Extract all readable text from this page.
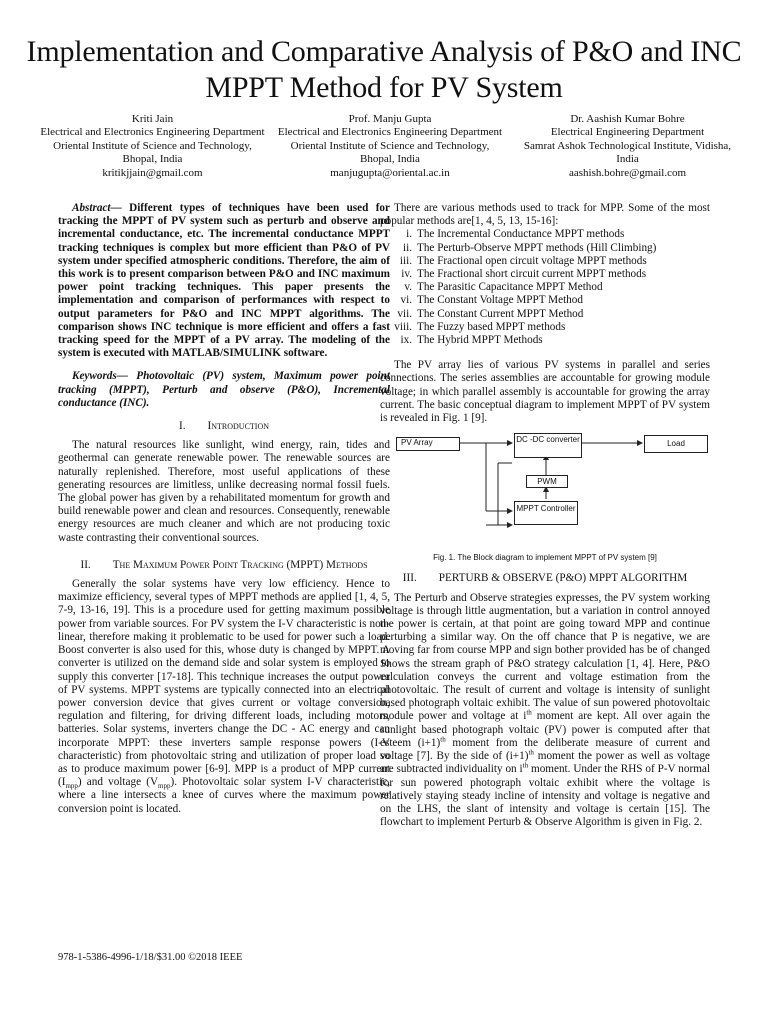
Implementation and Comparative Analysis of P&O and INC MPPT Method for PV System
Kriti Jain
Electrical and Electronics Engineering Department
Oriental Institute of Science and Technology, Bhopal, India
kritikjjain@gmail.com
Prof. Manju Gupta
Electrical and Electronics Engineering Department
Oriental Institute of Science and Technology, Bhopal, India
manjugupta@oriental.ac.in
Dr. Aashish Kumar Bohre
Electrical Engineering Department
Samrat Ashok Technological Institute, Vidisha, India
aashish.bohre@gmail.com

Abstract— Different types of techniques have been used for tracking the MPPT of PV system such as perturb and observe and incremental conductance, etc. The incremental conductance MPPT tracking techniques is complex but more efficient than P&O of PV system under specified atmospheric conditions. Therefore, the aim of this work is to present comparison between P&O and INC maximum power point tracking techniques. This paper presents the implementation and comparison of performances with respect to output parameters for P&O and INC MPPT algorithms. The comparison shows INC technique is more efficient and offers a fast tracking speed for the MPPT of a PV array. The modeling of the system is executed with MATLAB/SIMULINK software.

Keywords— Photovoltaic (PV) system, Maximum power point tracking (MPPT), Perturb and observe (P&O), Incremental conductance (INC).

I. Introduction

The natural resources like sunlight, wind energy, rain, tides and geothermal can generate renewable power. The renewable sources are naturally replenished. Therefore, most useful applications of these generating resources are limitless, unlike decreasing normal fossil fuels. The global power has given by a rehabilitated momentum for growth and build renewable power and clean and resources. Consequently, renewable energy resources are much cleaner and which are not producing toxic waste contrasting their conventional sources.

II. The Maximum Power Point Tracking (MPPT) Methods

Generally the solar systems have very low efficiency. Hence to maximize efficiency, several types of MPPT methods are applied [1, 4, 5, 7-9, 13-16, 19]. This is a procedure used for getting maximum possible power from variable sources. For PV system the I-V characteristic is non-linear, therefore making it problematic to be used for power such a load. Boost converter is also used for this, whose duty is changed by MPPT. A converter is utilized on the demand side and solar system is employed to supply this converter [17-18]. This technique increases the output power of PV systems. MPPT systems are typically connected into an electrical power conversion device that gives current or voltage conversion, regulation and filtering, for driving different loads, including motors, batteries. Solar systems, inverters change the DC - AC energy and can incorporate MPPT: these inverters sample response powers (I-V characteristic) from photovoltaic string and utilization of proper load so as to produce maximum power [6-9]. MPP is a product of MPP current $(I_{mpp})$ and voltage $(V_{mpp})$. Photovoltaic solar system I-V characteristic, where a line intersects a knee of curves where the maximum power conversion point is located.

There are various methods used to track for MPP. Some of the most popular methods are[1, 4, 5, 13, 15-16]:

i. The Incremental Conductance MPPT methods
ii. The Perturb-Observe MPPT methods (Hill Climbing)
iii. The Fractional open circuit voltage MPPT methods
iv. The Fractional short circuit current MPPT methods
v. The Parasitic Capacitance MPPT Method
vi. The Constant Voltage MPPT Method
vii. The Constant Current MPPT Method
viii. The Fuzzy based MPPT methods
ix. The Hybrid MPPT Methods

The PV array lies of various PV systems in parallel and series connections. The series assemblies are accountable for growing module voltage; in which parallel assembly is accountable for growing the array current. The basic conceptual diagram to implement MPPT of PV system is revealed in Fig. 1 [9].

PV Array	DC -DC converter	Load
PWM
MPPT Controller
Fig. 1. The Block diagram to implement MPPT of PV system [9]
III. PERTURB & OBSERVE (P&O) MPPT ALGORITHM

The Perturb and Observe strategies expresses, the PV system working voltage is through little augmentation, but a variation in control annoyed the power is certain, at that point are going toward MPP and continue perturbing a similar way. On the off chance that P is negative, we are moving far from course MPP and sign bother provided has be of changed Shows the stream graph of P&O strategy calculation [1, 4]. Here, P&O calculation conveys the current and voltage estimation from the photovoltaic. The result of current and voltage is intensity of sunlight based photograph voltaic exhibit. The value of sun powered photovoltaic module power and voltage at $i^{th}$ moment are kept. All over again the sunlight based photograph voltaic (PV) power is computed after that esteem $(i+1)^{th}$ moment from the deliberate measure of current and voltage [7]. By the side of $(i+1)^{th}$ moment the power as well as voltage are subtracted individuality on $i^{th}$ moment. Under the RHS of P-V normal for sun powered photograph voltaic exhibit where the voltage is relatively staying steady incline of intensity and voltage is negative and on the LHS, the slant of intensity and voltage is certain [15]. The flowchart to implement Perturb & Observe Algorithm is given in Fig. 2.

978-1-5386-4996-1/18/$31.00 ©2018 IEEE
